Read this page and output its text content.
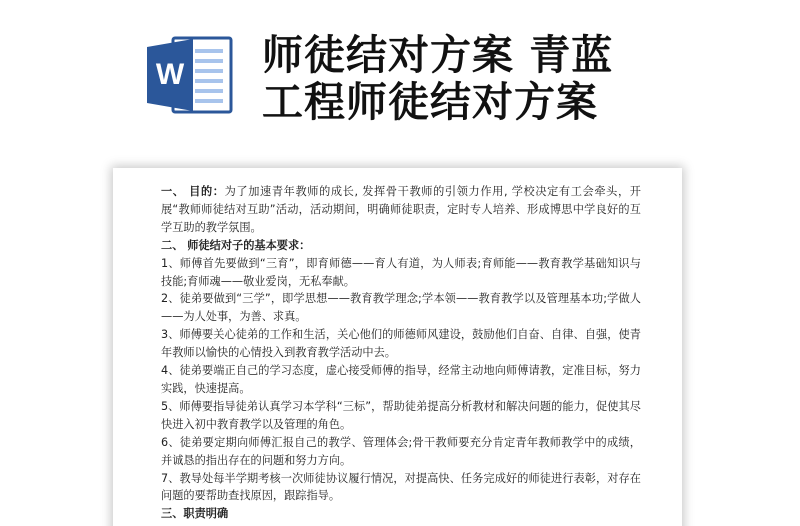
W 师徒结对方案 青蓝
工程师徒结对方案

一、 目的：为了加速青年教师的成长, 发挥骨干教师的引领力作用, 学校决定有工会牵头，开展“教师师徒结对互助”活动，活动期间，明确师徒职责，定时专人培养、形成博思中学良好的互学互助的教学氛围。

二、 师徒结对子的基本要求：

1、师傅首先要做到“三育”，即育师德——育人有道，为人师表;育师能——教育教学基础知识与技能;育师魂——敬业爱岗，无私奉献。

2、徒弟要做到“三学”，即学思想——教育教学理念;学本领——教育教学以及管理基本功;学做人——为人处事，为善、求真。

3、师傅要关心徒弟的工作和生活，关心他们的师德师风建设，鼓励他们自奋、自律、自强，使青年教师以愉快的心情投入到教育教学活动中去。

4、徒弟要端正自己的学习态度，虚心接受师傅的指导，经常主动地向师傅请教，定准目标，努力实践，快速提高。

5、师傅要指导徒弟认真学习本学科“三标”，帮助徒弟提高分析教材和解决问题的能力，促使其尽快进入初中教育教学以及管理的角色。

6、徒弟要定期向师傅汇报自己的教学、管理体会;骨干教师要充分肯定青年教师教学中的成绩，并诚恳的指出存在的问题和努力方向。

7、教导处每半学期考核一次师徒协议履行情况，对提高快、任务完成好的师徒进行表彰，对存在问题的要帮助查找原因，跟踪指导。

三、职责明确
